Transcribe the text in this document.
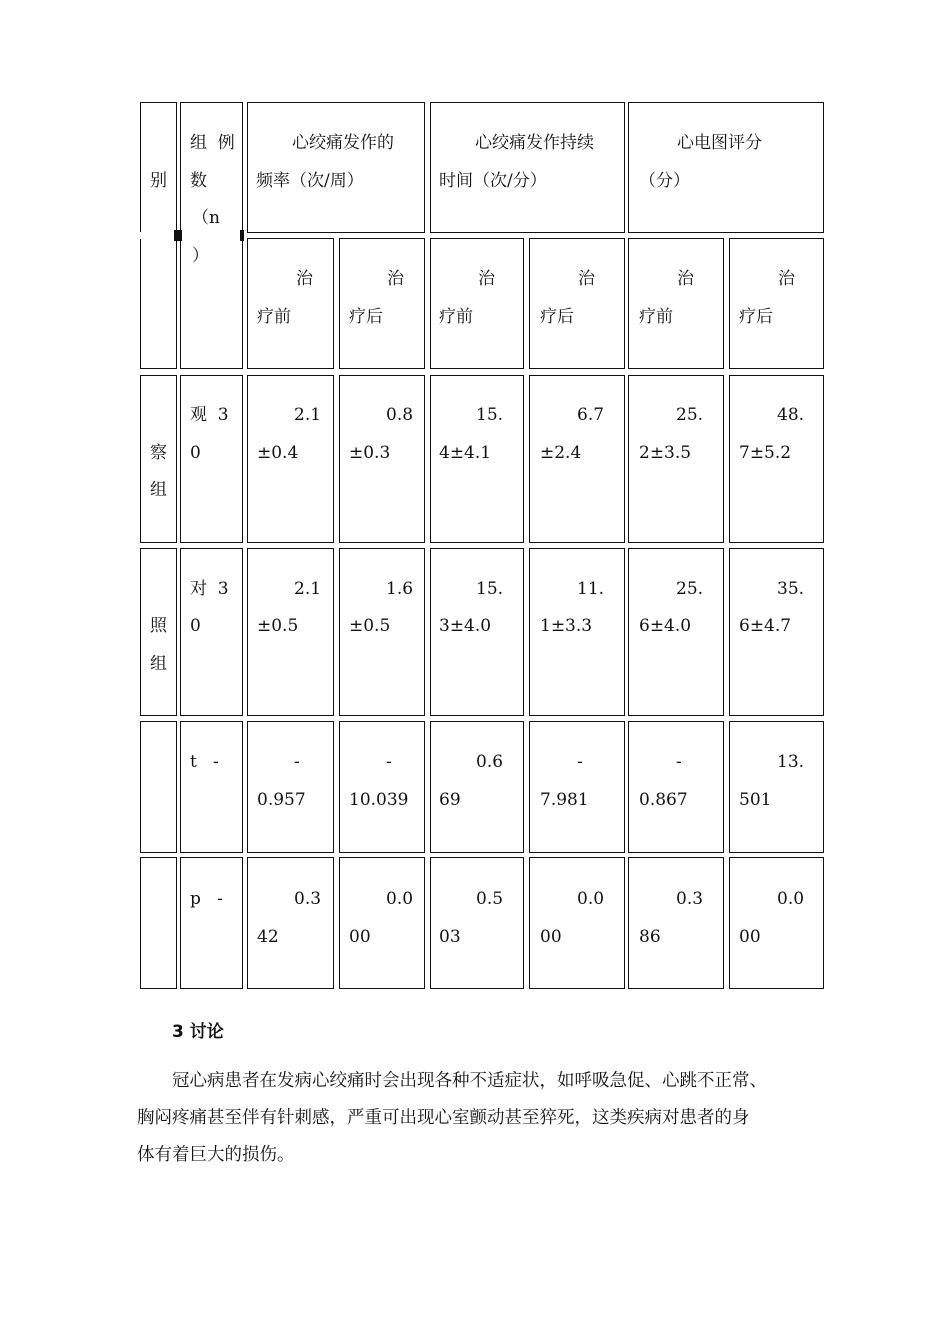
别
组  例
数
（n
）
心绞痛发作的
频率（次/周）
心绞痛发作持续
时间（次/分）
心电图评分
（分）
治
疗前
治
疗后
治
疗前
治
疗后
治
疗前
治
疗后
察
组
观  3
0
2.1
±0.4
0.8
±0.3
15.
4±4.1
6.7
±2.4
25.
2±3.5
48.
7±5.2
照
组
对  3
0
2.1
±0.5
1.6
±0.5
15.
3±4.0
11.
1±3.3
25.
6±4.0
35.
6±4.7
t   -	-
0.957
-
10.039
0.6
69
-
7.981
-
0.867
13.
501
p   -	0.3
42
0.0
00
0.5
03
0.0
00
0.3
86
0.0
00
3 讨论
冠心病患者在发病心绞痛时会出现各种不适症状，如呼吸急促、心跳不正常、
胸闷疼痛甚至伴有针刺感，严重可出现心室颤动甚至猝死，这类疾病对患者的身
体有着巨大的损伤。
